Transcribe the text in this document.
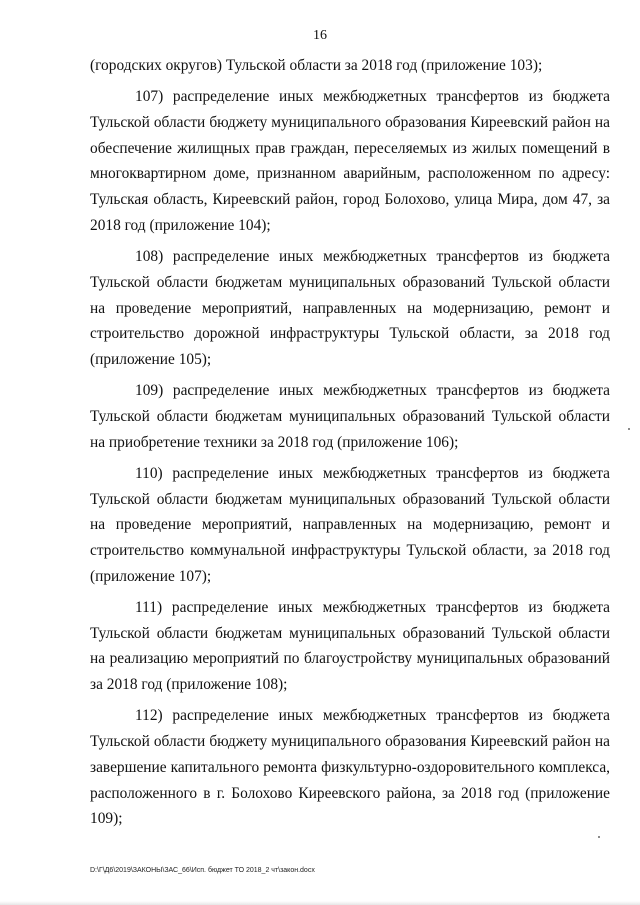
16

(городских округов) Тульской области за 2018 год (приложение 103);

107) распределение иных межбюджетных трансфертов из бюджета Тульской области бюджету муниципального образования Киреевский район на обеспечение жилищных прав граждан, переселяемых из жилых помещений в многоквартирном доме, признанном аварийным, расположенном по адресу: Тульская область, Киреевский район, город Болохово, улица Мира, дом 47, за 2018 год (приложение 104);

108) распределение иных межбюджетных трансфертов из бюджета Тульской области бюджетам муниципальных образований Тульской области на проведение мероприятий, направленных на модернизацию, ремонт и строительство дорожной инфраструктуры Тульской области, за 2018 год (приложение 105);

109) распределение иных межбюджетных трансфертов из бюджета Тульской области бюджетам муниципальных образований Тульской области на приобретение техники за 2018 год (приложение 106);

110) распределение иных межбюджетных трансфертов из бюджета Тульской области бюджетам муниципальных образований Тульской области на проведение мероприятий, направленных на модернизацию, ремонт и строительство коммунальной инфраструктуры Тульской области, за 2018 год (приложение 107);

111) распределение иных межбюджетных трансфертов из бюджета Тульской области бюджетам муниципальных образований Тульской области на реализацию мероприятий по благоустройству муниципальных образований за 2018 год (приложение 108);

112) распределение иных межбюджетных трансфертов из бюджета Тульской области бюджету муниципального образования Киреевский район на завершение капитального ремонта физкультурно-оздоровительного комплекса, расположенного в г. Болохово Киреевского района, за 2018 год (приложение 109);

D:\Г\Д6\2019\ЗАКОНЫ\ЗАС_66\Исп. бюджет ТО 2018_2 чт\закон.docx
